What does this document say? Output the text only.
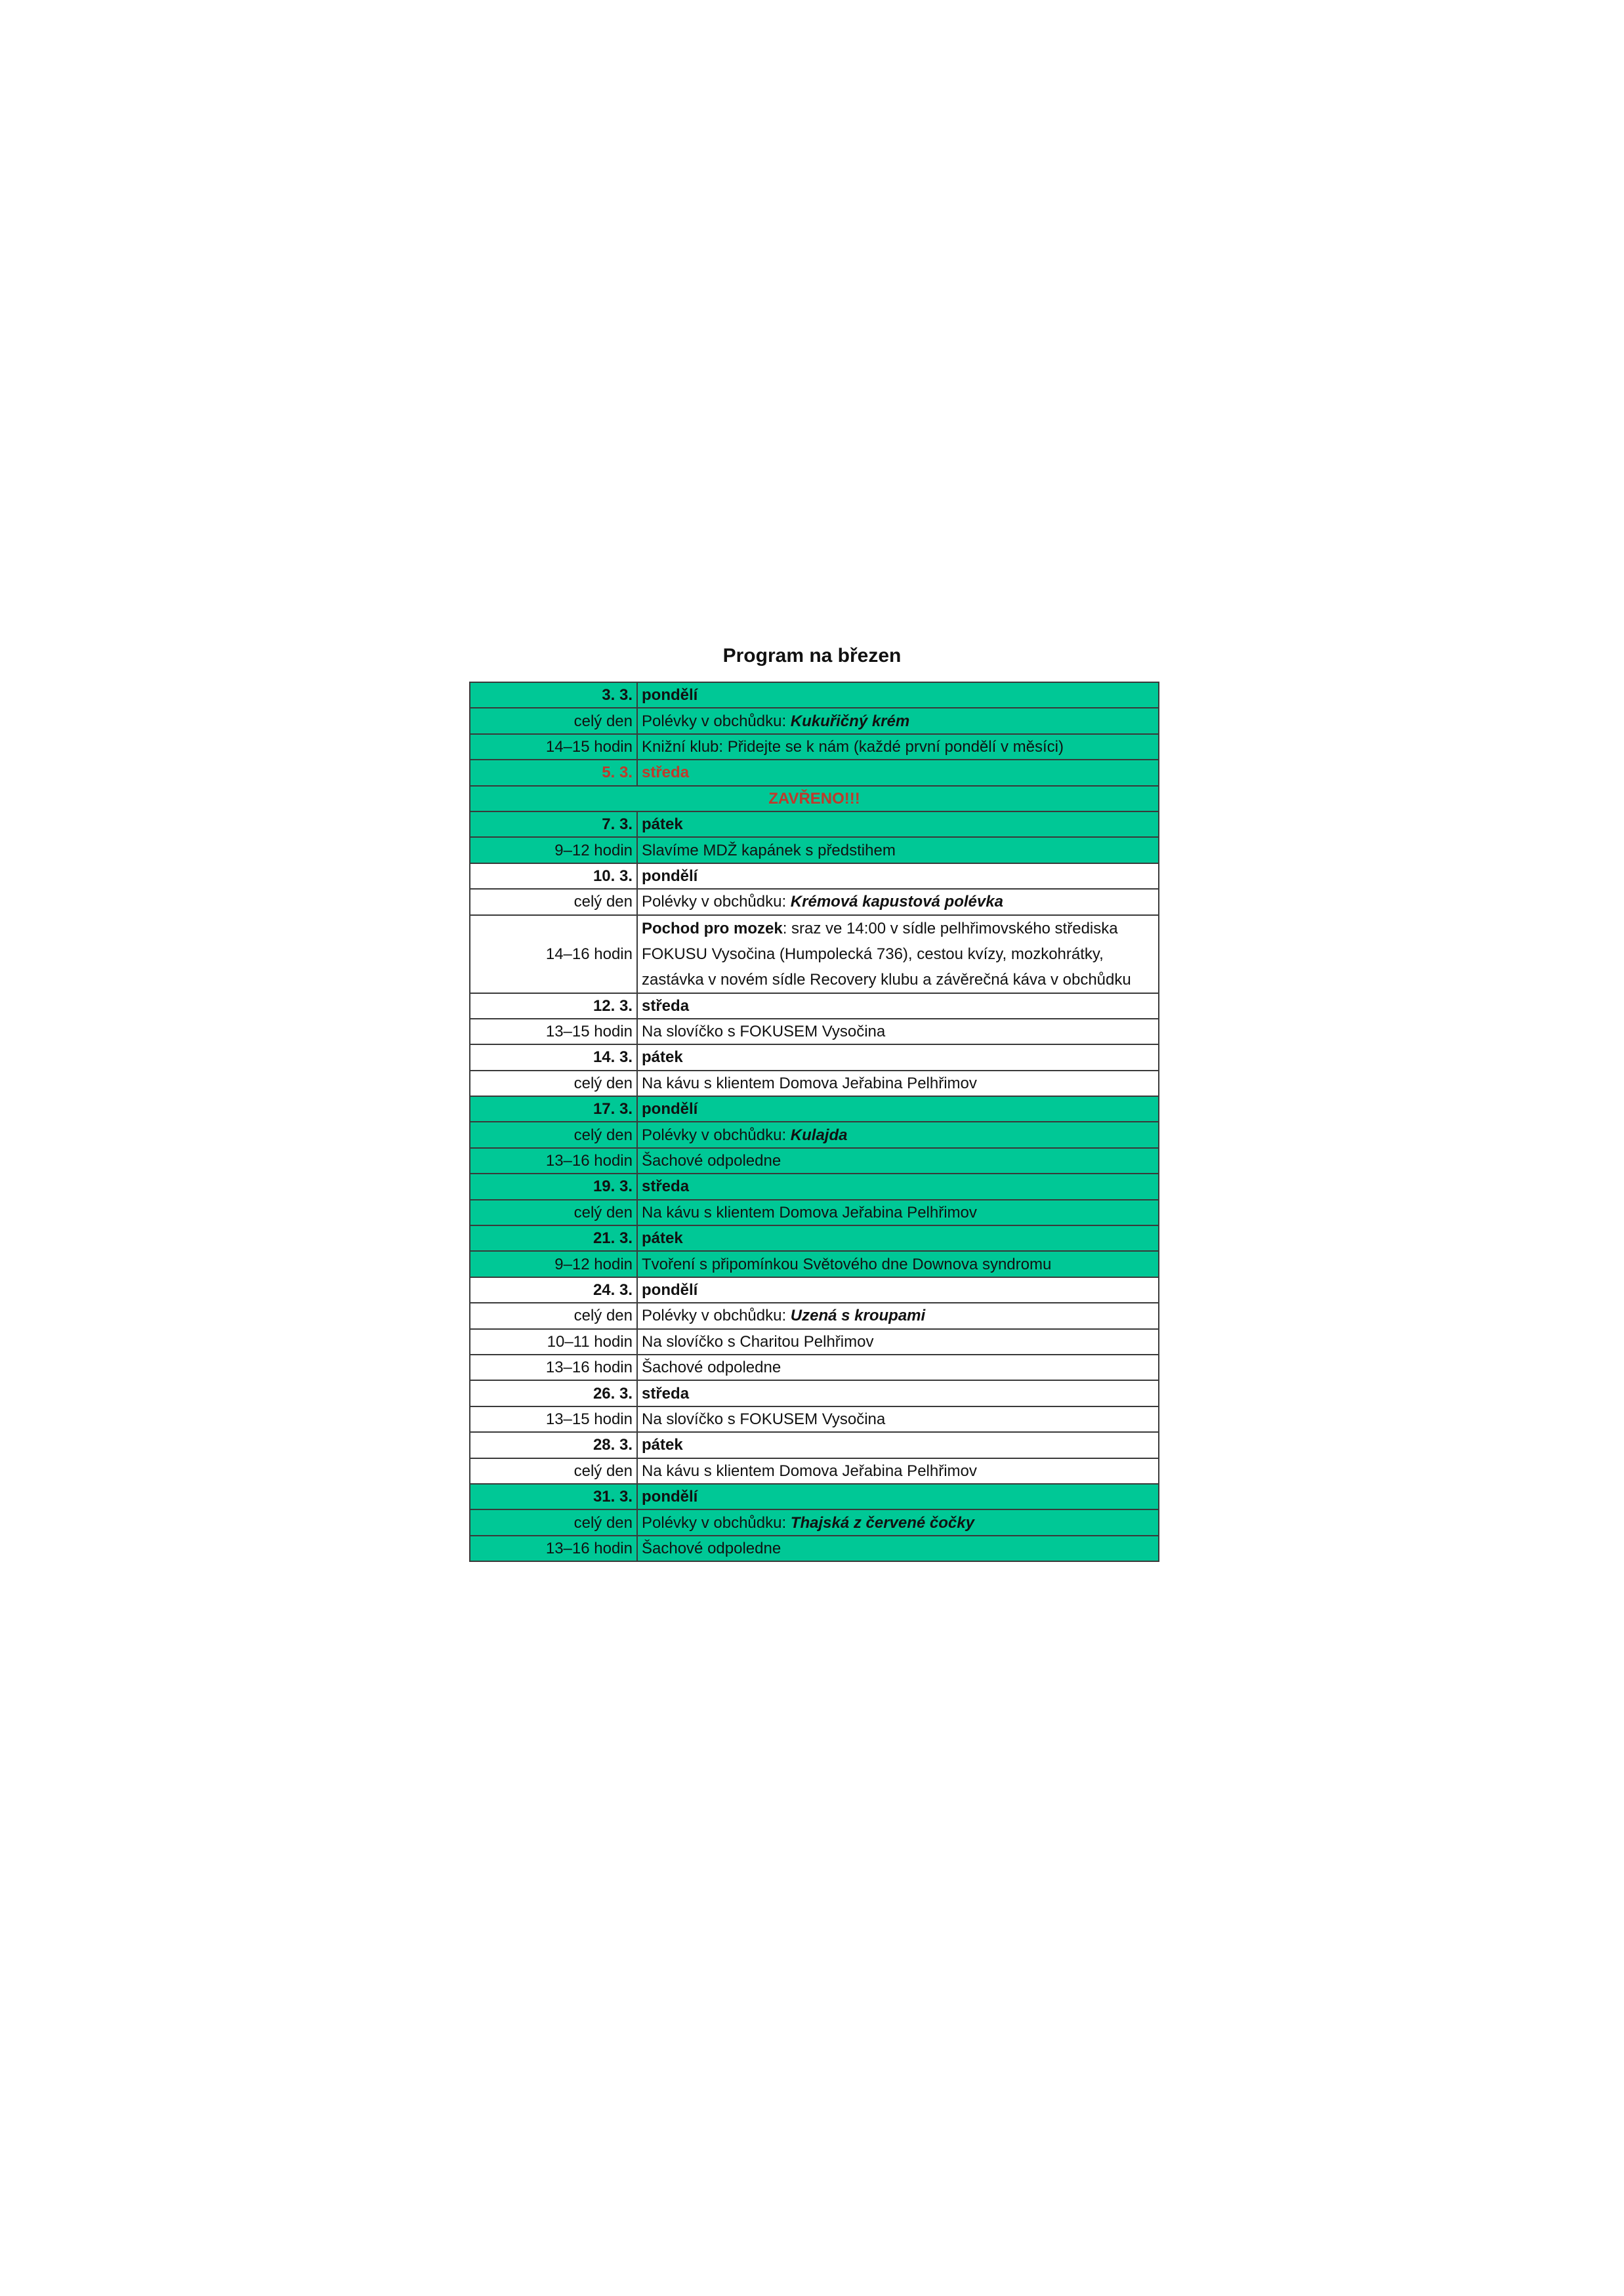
Program na březen
3. 3.	pondělí
celý den	Polévky v obchůdku: Kukuřičný krém
14–15 hodin	Knižní klub: Přidejte se k nám (každé první pondělí v měsíci)
5. 3.	středa
ZAVŘENO!!!	
7. 3.	pátek
9–12 hodin	Slavíme MDŽ kapánek s předstihem
10. 3.	pondělí
celý den	Polévky v obchůdku: Krémová kapustová polévka
14–16 hodin	Pochod pro mozek: sraz ve 14:00 v sídle pelhřimovského střediska FOKUSU Vysočina (Humpolecká 736), cestou kvízy, mozkohrátky, zastávka v novém sídle Recovery klubu a závěrečná káva v obchůdku
12. 3.	středa
13–15 hodin	Na slovíčko s FOKUSEM Vysočina
14. 3.	pátek
celý den	Na kávu s klientem Domova Jeřabina Pelhřimov
17. 3.	pondělí
celý den	Polévky v obchůdku: Kulajda
13–16 hodin	Šachové odpoledne
19. 3.	středa
celý den	Na kávu s klientem Domova Jeřabina Pelhřimov
21. 3.	pátek
9–12 hodin	Tvoření s připomínkou Světového dne Downova syndromu
24. 3.	pondělí
celý den	Polévky v obchůdku: Uzená s kroupami
10–11 hodin	Na slovíčko s Charitou Pelhřimov
13–16 hodin	Šachové odpoledne
26. 3.	středa
13–15 hodin	Na slovíčko s FOKUSEM Vysočina
28. 3.	pátek
celý den	Na kávu s klientem Domova Jeřabina Pelhřimov
31. 3.	pondělí
celý den	Polévky v obchůdku: Thajská z červené čočky
13–16 hodin	Šachové odpoledne
